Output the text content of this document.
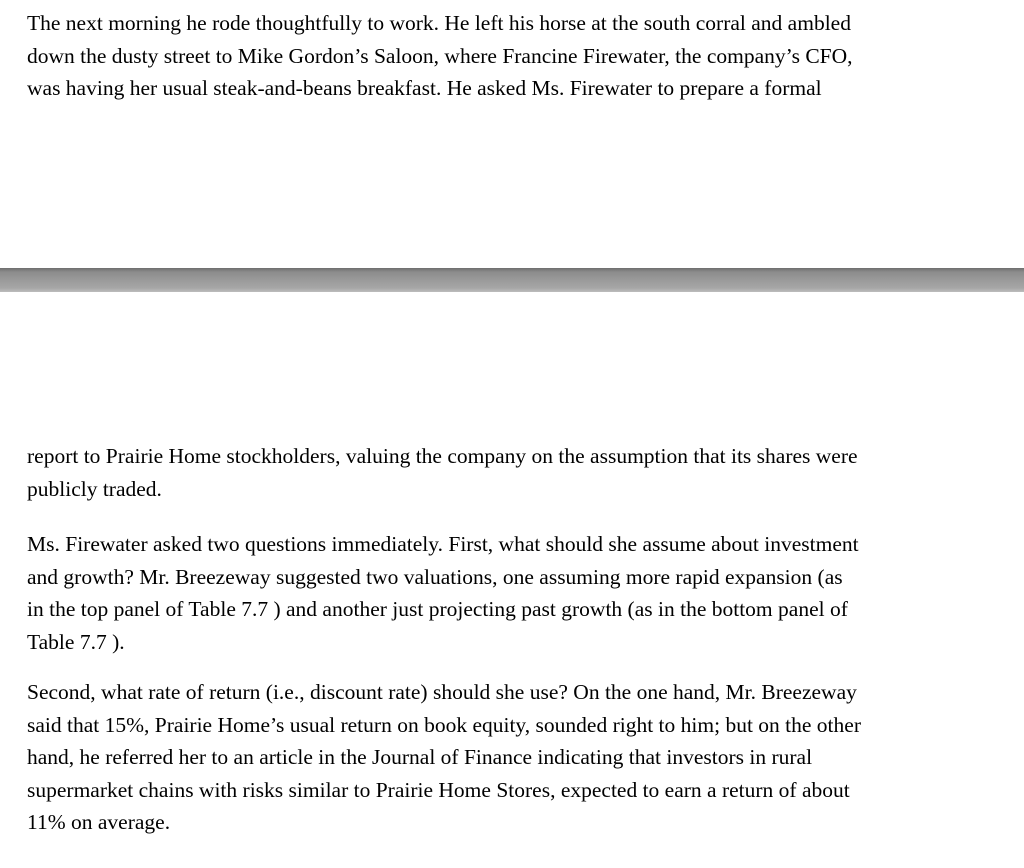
The next morning he rode thoughtfully to work. He left his horse at the south corral and ambled
down the dusty street to Mike Gordon’s Saloon, where Francine Firewater, the company’s CFO,
was having her usual steak-and-beans breakfast. He asked Ms. Firewater to prepare a formal

report to Prairie Home stockholders, valuing the company on the assumption that its shares were
publicly traded.

Ms. Firewater asked two questions immediately. First, what should she assume about investment
and growth? Mr. Breezeway suggested two valuations, one assuming more rapid expansion (as
in the top panel of Table 7.7 ) and another just projecting past growth (as in the bottom panel of
Table 7.7 ).

Second, what rate of return (i.e., discount rate) should she use? On the one hand, Mr. Breezeway
said that 15%, Prairie Home’s usual return on book equity, sounded right to him; but on the other
hand, he referred her to an article in the Journal of Finance indicating that investors in rural
supermarket chains with risks similar to Prairie Home Stores, expected to earn a return of about
11% on average.
